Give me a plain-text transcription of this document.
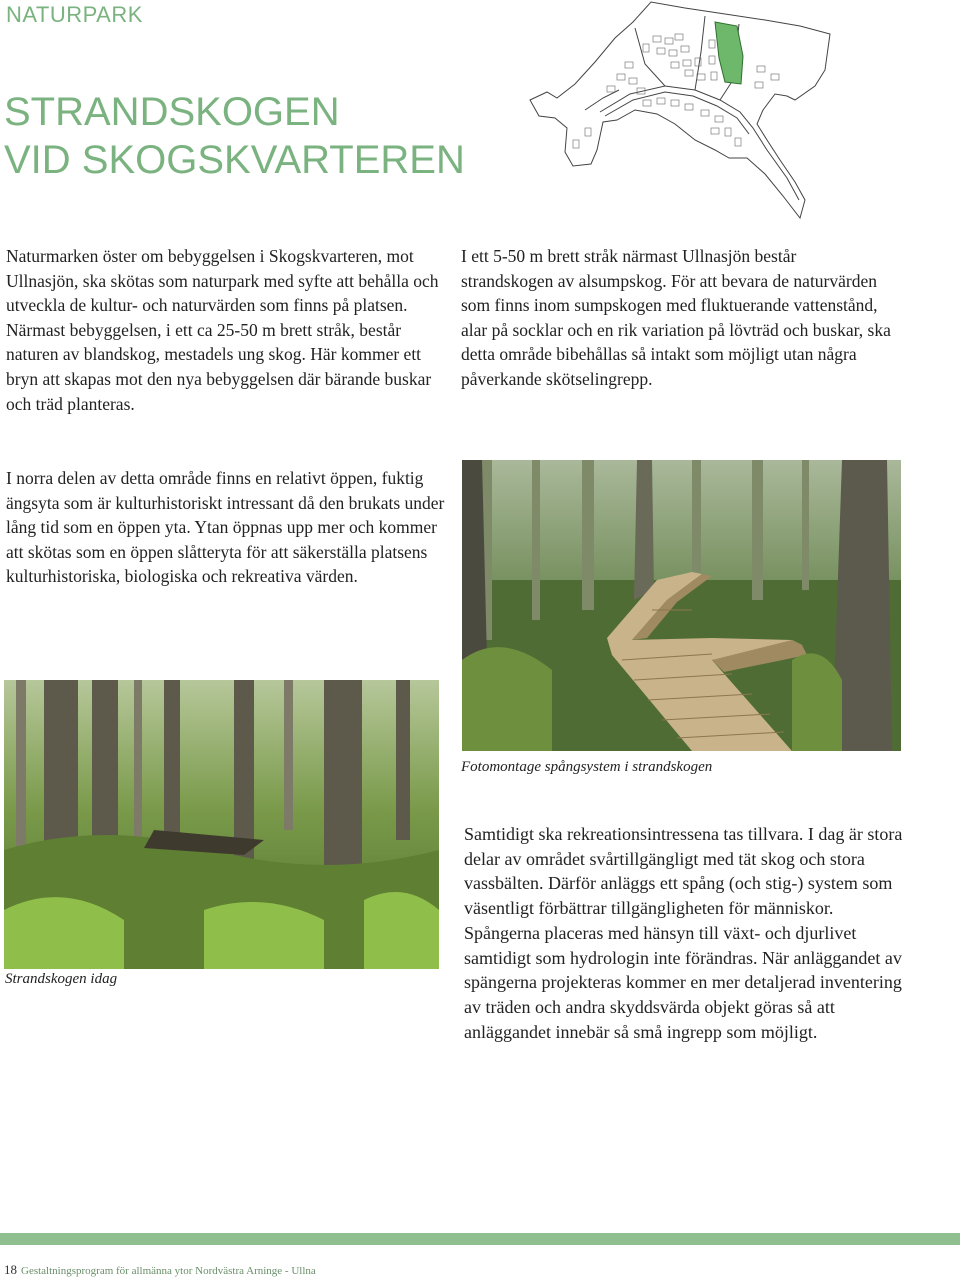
NATURPARK
STRANDSKOGEN
VID SKOGSKVARTEREN

Naturmarken öster om bebyggelsen i Skogskvarteren, mot Ullnasjön, ska skötas som naturpark med syfte att behålla och utveckla de kultur- och naturvärden som finns på platsen. Närmast bebyggelsen, i ett ca 25-50 m brett stråk, består naturen av blandskog, mestadels ung skog. Här kommer ett bryn att skapas mot den nya bebyggelsen där bärande buskar och träd planteras.

I ett 5-50 m brett stråk närmast Ullnasjön består strandskogen av alsumpskog. För att bevara de naturvärden som finns inom sumpskogen med fluktuerande vattenstånd, alar på socklar och en rik variation på lövträd och buskar, ska detta område bibehållas så intakt som möjligt utan några påverkande skötselingrepp.

I norra delen av detta område finns en relativt öppen, fuktig ängsyta som är kulturhistoriskt intressant då den brukats under lång tid som en öppen yta. Ytan öppnas upp mer och kommer att skötas som en öppen slåtteryta för att säkerställa platsens kulturhistoriska, biologiska och rekreativa värden.

Fotomontage spångsystem i strandskogen

Strandskogen idag

Samtidigt ska rekreationsintressena tas tillvara. I dag är stora delar av området svårtillgängligt med tät skog och stora vassbälten. Därför anläggs ett spång (och stig-) system som väsentligt förbättrar tillgängligheten för människor. Spångerna placeras med hänsyn till växt- och djurlivet samtidigt som hydrologin inte förändras. När anläggandet av spängerna projekteras kommer en mer detaljerad inventering av träden och andra skyddsvärda objekt göras så att anläggandet innebär så små ingrepp som möjligt.

18 Gestaltningsprogram för allmänna ytor Nordvästra Arninge - Ullna
